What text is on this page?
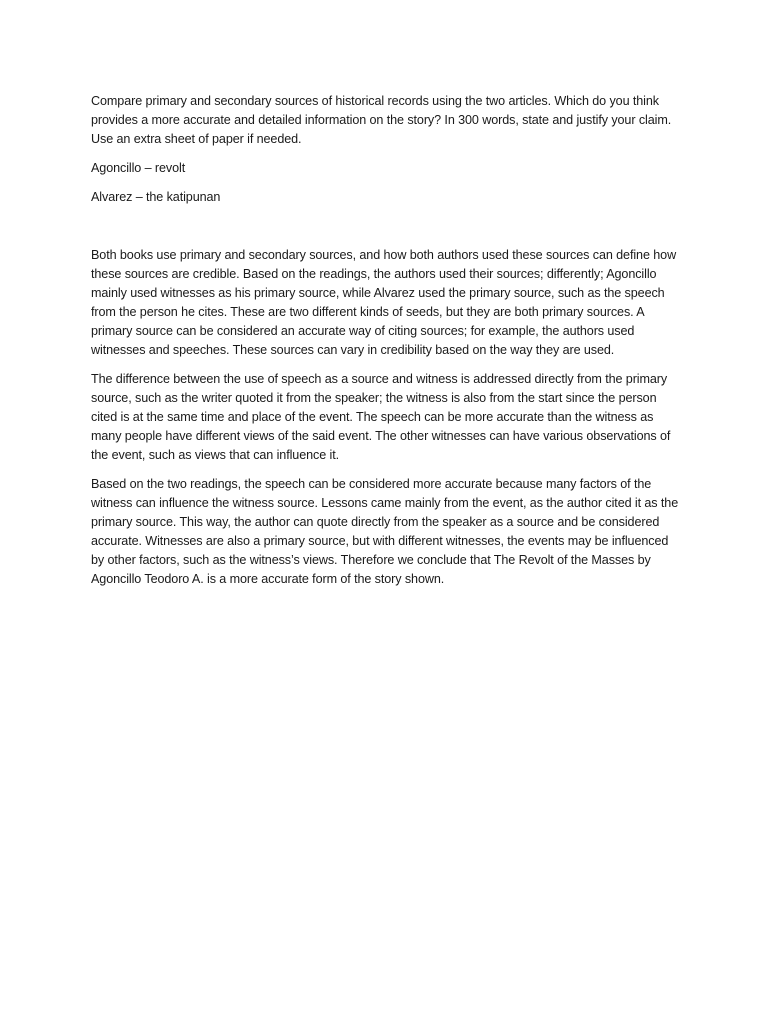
Compare primary and secondary sources of historical records using the two articles. Which do you think provides a more accurate and detailed information on the story? In 300 words, state and justify your claim. Use an extra sheet of paper if needed.

Agoncillo – revolt

Alvarez – the katipunan

Both books use primary and secondary sources, and how both authors used these sources can define how these sources are credible. Based on the readings, the authors used their sources; differently; Agoncillo mainly used witnesses as his primary source, while Alvarez used the primary source, such as the speech from the person he cites. These are two different kinds of seeds, but they are both primary sources. A primary source can be considered an accurate way of citing sources; for example, the authors used witnesses and speeches. These sources can vary in credibility based on the way they are used.

The difference between the use of speech as a source and witness is addressed directly from the primary source, such as the writer quoted it from the speaker; the witness is also from the start since the person cited is at the same time and place of the event. The speech can be more accurate than the witness as many people have different views of the said event. The other witnesses can have various observations of the event, such as views that can influence it.

Based on the two readings, the speech can be considered more accurate because many factors of the witness can influence the witness source. Lessons came mainly from the event, as the author cited it as the primary source. This way, the author can quote directly from the speaker as a source and be considered accurate. Witnesses are also a primary source, but with different witnesses, the events may be influenced by other factors, such as the witness’s views. Therefore we conclude that The Revolt of the Masses by Agoncillo Teodoro A. is a more accurate form of the story shown.
